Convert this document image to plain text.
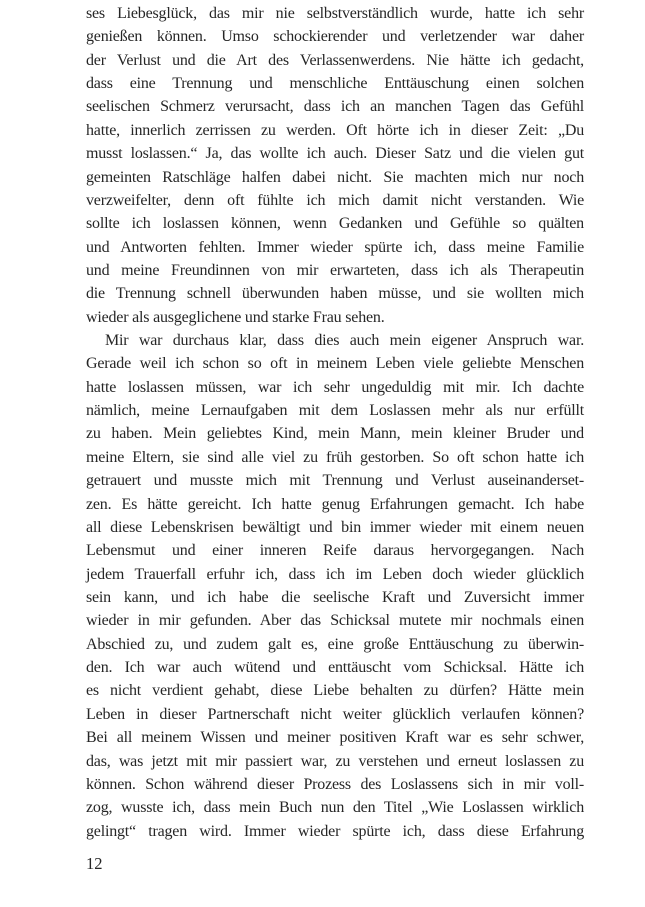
ses Liebesglück, das mir nie selbstverständlich wurde, hatte ich sehr
genießen können. Umso schockierender und verletzender war daher
der Verlust und die Art des Verlassenwerdens. Nie hätte ich gedacht,
dass eine Trennung und menschliche Enttäuschung einen solchen
seelischen Schmerz verursacht, dass ich an manchen Tagen das Gefühl
hatte, innerlich zerrissen zu werden. Oft hörte ich in dieser Zeit: „Du
musst loslassen.“ Ja, das wollte ich auch. Dieser Satz und die vielen gut
gemeinten Ratschläge halfen dabei nicht. Sie machten mich nur noch
verzweifelter, denn oft fühlte ich mich damit nicht verstanden. Wie
sollte ich loslassen können, wenn Gedanken und Gefühle so quälten
und Antworten fehlten. Immer wieder spürte ich, dass meine Familie
und meine Freundinnen von mir erwarteten, dass ich als Therapeutin
die Trennung schnell überwunden haben müsse, und sie wollten mich
wieder als ausgeglichene und starke Frau sehen.
Mir war durchaus klar, dass dies auch mein eigener Anspruch war.
Gerade weil ich schon so oft in meinem Leben viele geliebte Menschen
hatte loslassen müssen, war ich sehr ungeduldig mit mir. Ich dachte
nämlich, meine Lernaufgaben mit dem Loslassen mehr als nur erfüllt
zu haben. Mein geliebtes Kind, mein Mann, mein kleiner Bruder und
meine Eltern, sie sind alle viel zu früh gestorben. So oft schon hatte ich
getrauert und musste mich mit Trennung und Verlust auseinanderset-
zen. Es hätte gereicht. Ich hatte genug Erfahrungen gemacht. Ich habe
all diese Lebenskrisen bewältigt und bin immer wieder mit einem neuen
Lebensmut und einer inneren Reife daraus hervorgegangen. Nach
jedem Trauerfall erfuhr ich, dass ich im Leben doch wieder glücklich
sein kann, und ich habe die seelische Kraft und Zuversicht immer
wieder in mir gefunden. Aber das Schicksal mutete mir nochmals einen
Abschied zu, und zudem galt es, eine große Enttäuschung zu überwin-
den. Ich war auch wütend und enttäuscht vom Schicksal. Hätte ich
es nicht verdient gehabt, diese Liebe behalten zu dürfen? Hätte mein
Leben in dieser Partnerschaft nicht weiter glücklich verlaufen können?
Bei all meinem Wissen und meiner positiven Kraft war es sehr schwer,
das, was jetzt mit mir passiert war, zu verstehen und erneut loslassen zu
können. Schon während dieser Prozess des Loslassens sich in mir voll-
zog, wusste ich, dass mein Buch nun den Titel „Wie Loslassen wirklich
gelingt“ tragen wird. Immer wieder spürte ich, dass diese Erfahrung
12
